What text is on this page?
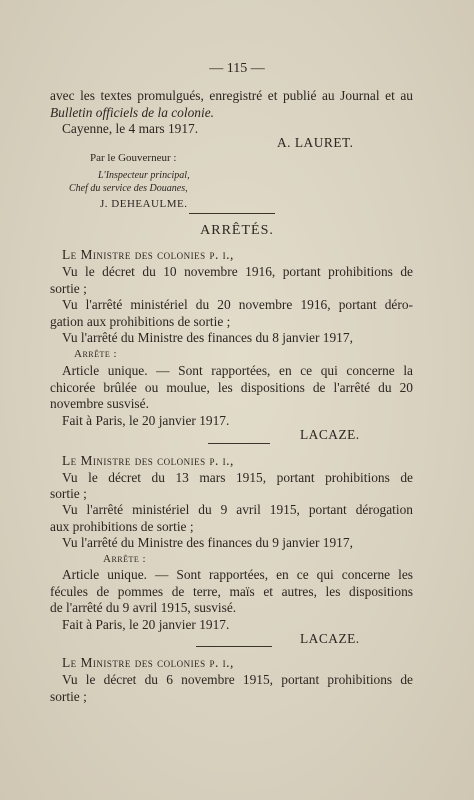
— 115 —
avec les textes promulgués, enregistré et publié au Journal et au
Bulletin officiels de la colonie.
Cayenne, le 4 mars 1917.
A. LAURET.
Par le Gouverneur :
L'Inspecteur principal,
Chef du service des Douanes,
J. DEHEAULME.
ARRÊTÉS.
Le Ministre des colonies p. i.,
Vu le décret du 10 novembre 1916, portant prohibitions de
sortie ;
Vu l'arrêté ministériel du 20 novembre 1916, portant déro-
gation aux prohibitions de sortie ;
Vu l'arrêté du Ministre des finances du 8 janvier 1917,
Arrête :
Article unique. — Sont rapportées, en ce qui concerne la
chicorée brûlée ou moulue, les dispositions de l'arrêté du 20
novembre susvisé.
Fait à Paris, le 20 janvier 1917.
LACAZE.
Le Ministre des colonies p. i.,
Vu le décret du 13 mars 1915, portant prohibitions de
sortie ;
Vu l'arrêté ministériel du 9 avril 1915, portant dérogation
aux prohibitions de sortie ;
Vu l'arrêté du Ministre des finances du 9 janvier 1917,
Arrête :
Article unique. — Sont rapportées, en ce qui concerne les
fécules de pommes de terre, maïs et autres, les dispositions
de l'arrêté du 9 avril 1915, susvisé.
Fait à Paris, le 20 janvier 1917.
LACAZE.
Le Ministre des colonies p. i.,
Vu le décret du 6 novembre 1915, portant prohibitions de
sortie ;
